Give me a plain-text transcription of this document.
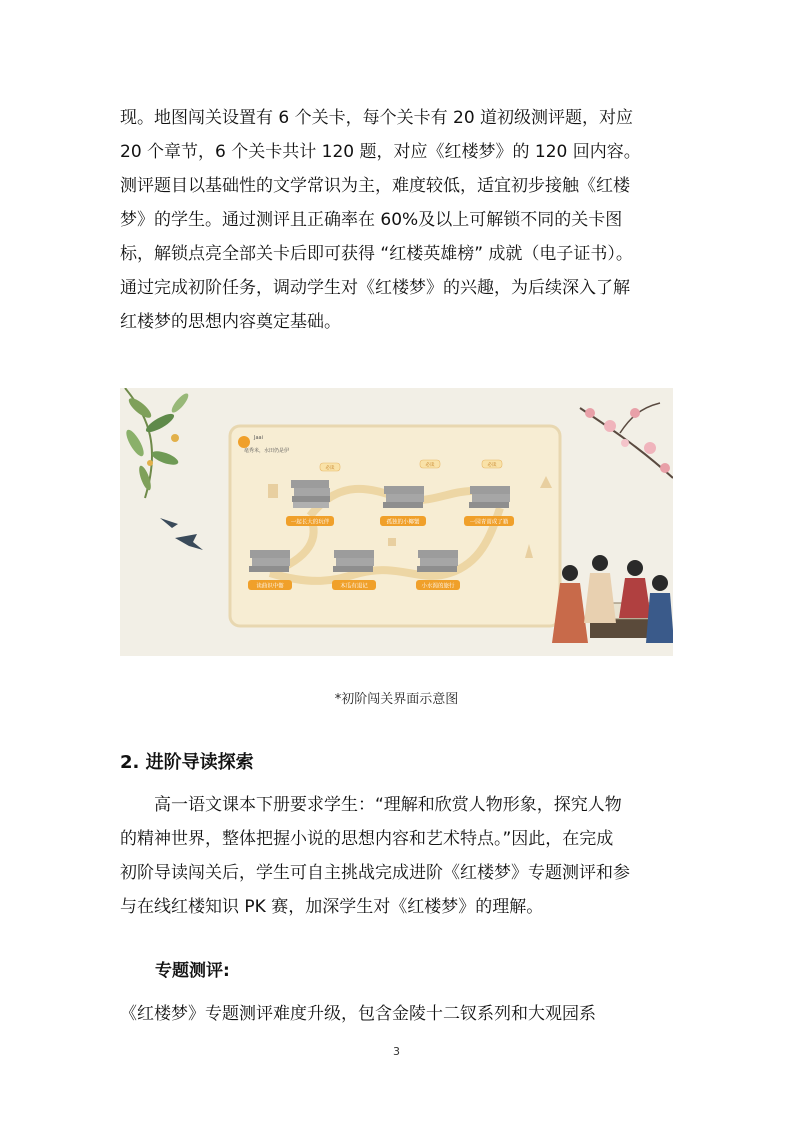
现。地图闯关设置有 6 个关卡，每个关卡有 20 道初级测评题，对应
20 个章节，6 个关卡共计 120 题，对应《红楼梦》的 120 回内容。
测评题目以基础性的文学常识为主，难度较低，适宜初步接触《红楼
梦》的学生。通过测评且正确率在 60%及以上可解锁不同的关卡图
标，解锁点亮全部关卡后即可获得 “红楼英雄榜” 成就（电子证书）。
通过完成初阶任务，调动学生对《红楼梦》的兴趣，为后续深入了解
红楼梦的思想内容奠定基础。
Jaai
毫秀米，水田仍是伊
必读
必读	必读
一起长大的玩伴	孤独的小椰蟹	一园青蒿成了籍
读曲识中髂	木瓜有退记	小水渴的旅行
*初阶闯关界面示意图
2. 进阶导读探索
高一语文课本下册要求学生：“理解和欣赏人物形象，探究人物
的精神世界，整体把握小说的思想内容和艺术特点。”因此，在完成
初阶导读闯关后，学生可自主挑战完成进阶《红楼梦》专题测评和参
与在线红楼知识 PK 赛，加深学生对《红楼梦》的理解。
专题测评:
《红楼梦》专题测评难度升级，包含金陵十二钗系列和大观园系
3
